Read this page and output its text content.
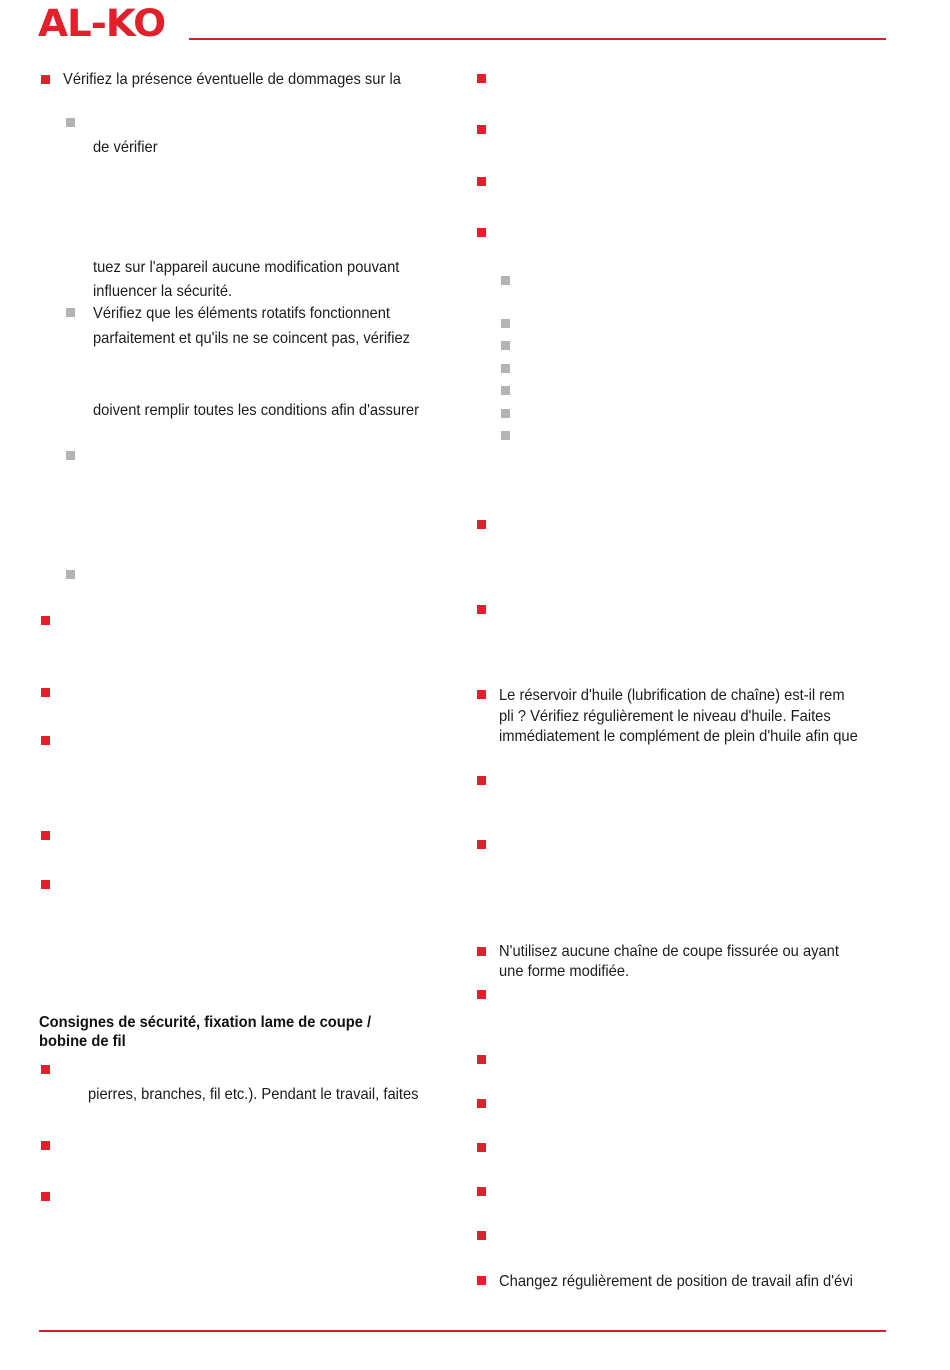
AL-KO
Vérifiez la présence éventuelle de dommages sur la
de vérifier
tuez sur l'appareil aucune modification pouvant
influencer la sécurité.
Vérifiez que les éléments rotatifs fonctionnent
parfaitement et qu'ils ne se coincent pas, vérifiez
doivent remplir toutes les conditions afin d'assurer
Consignes de sécurité, fixation lame de coupe /
bobine de fil
pierres, branches, fil etc.). Pendant le travail, faites
Le réservoir d'huile (lubrification de chaîne) est-il rem
pli ? Vérifiez régulièrement le niveau d'huile. Faites
immédiatement le complément de plein d'huile afin que
N'utilisez aucune chaîne de coupe fissurée ou ayant
une forme modifiée.
Changez régulièrement de position de travail afin d'évi
